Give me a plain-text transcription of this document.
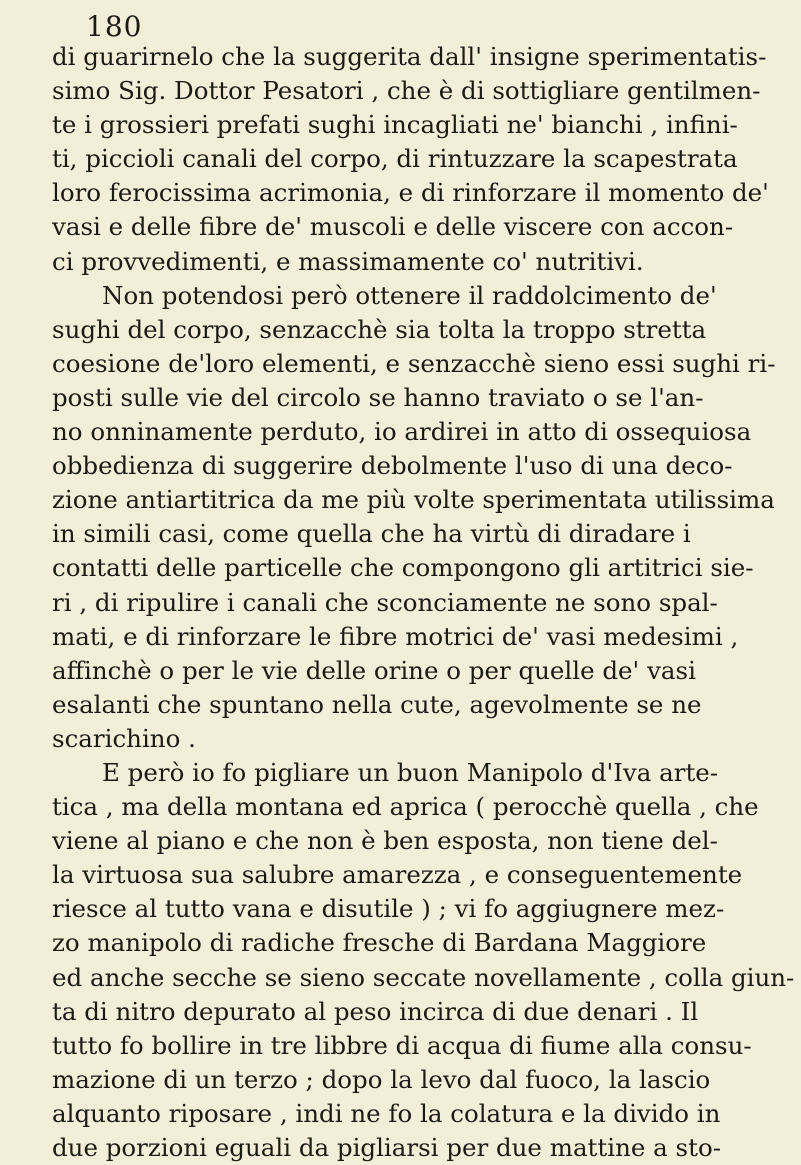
180
di guarirnelo che la suggerita dall' insigne sperimentatis-
simo Sig. Dottor Pesatori , che è di sottigliare gentilmen-
te i grossieri prefati sughi incagliati ne' bianchi , infini-
ti, piccioli canali del corpo, di rintuzzare la scapestrata
loro ferocissima acrimonia, e di rinforzare il momento de'
vasi e delle fibre de' muscoli e delle viscere con accon-
ci provvedimenti, e massimamente co' nutritivi.
Non potendosi però ottenere il raddolcimento de'
sughi del corpo, senzacchè sia tolta la troppo stretta
coesione de'loro elementi, e senzacchè sieno essi sughi ri-
posti sulle vie del circolo se hanno traviato o se l'an-
no onninamente perduto, io ardirei in atto di ossequiosa
obbedienza di suggerire debolmente l'uso di una deco-
zione antiartitrica da me più volte sperimentata utilissima
in simili casi, come quella che ha virtù di diradare i
contatti delle particelle che compongono gli artitrici sie-
ri , di ripulire i canali che sconciamente ne sono spal-
mati, e di rinforzare le fibre motrici de' vasi medesimi ,
affinchè o per le vie delle orine o per quelle de' vasi
esalanti che spuntano nella cute, agevolmente se ne
scarichino .
E però io fo pigliare un buon Manipolo d'Iva arte-
tica , ma della montana ed aprica ( perocchè quella , che
viene al piano e che non è ben esposta, non tiene del-
la virtuosa sua salubre amarezza , e conseguentemente
riesce al tutto vana e disutile ) ; vi fo aggiugnere mez-
zo manipolo di radiche fresche di Bardana Maggiore
ed anche secche se sieno seccate novellamente , colla giun-
ta di nitro depurato al peso incirca di due denari . Il
tutto fo bollire in tre libbre di acqua di fiume alla consu-
mazione di un terzo ; dopo la levo dal fuoco, la lascio
alquanto riposare , indi ne fo la colatura e la divido in
due porzioni eguali da pigliarsi per due mattine a sto-
